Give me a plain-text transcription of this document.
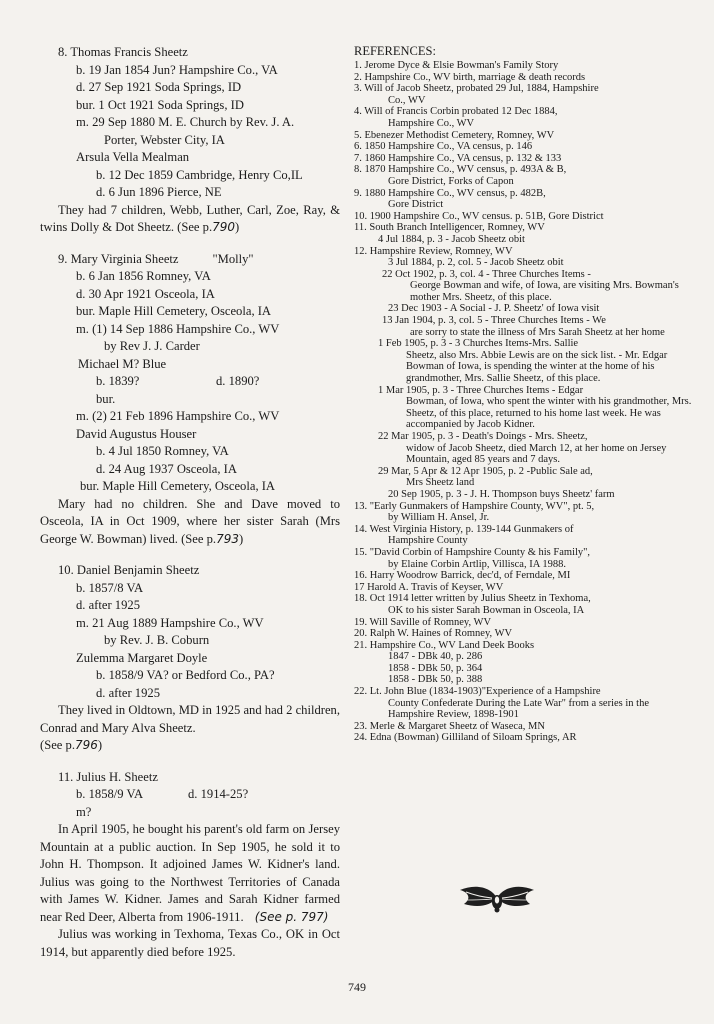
8. Thomas Francis Sheetz
b. 19 Jan 1854 Jun? Hampshire Co., VA
d. 27 Sep 1921 Soda Springs, ID
bur. 1 Oct 1921 Soda Springs, ID
m. 29 Sep 1880 M. E. Church by Rev. J. A.
Porter, Webster City, IA
Arsula Vella Mealman
b. 12 Dec 1859 Cambridge, Henry Co,IL
d. 6 Jun 1896 Pierce, NE
They had 7 children, Webb, Luther, Carl, Zoe, Ray, & twins Dolly & Dot Sheetz. (See p.790)
9. Mary Virginia Sheetz	"Molly"
b. 6 Jan 1856 Romney, VA
d. 30 Apr 1921 Osceola, IA
bur. Maple Hill Cemetery, Osceola, IA
m. (1) 14 Sep 1886 Hampshire Co., WV
by Rev J. J. Carder
Michael M? Blue
b. 1839?	d. 1890?
bur.
m. (2) 21 Feb 1896 Hampshire Co., WV
David Augustus Houser
b. 4 Jul 1850 Romney, VA
d. 24 Aug 1937 Osceola, IA
bur. Maple Hill Cemetery, Osceola, IA
Mary had no children. She and Dave moved to Osceola, IA in Oct 1909, where her sister Sarah (Mrs George W. Bowman) lived. (See p.793)
10. Daniel Benjamin Sheetz
b. 1857/8 VA
d. after 1925
m. 21 Aug 1889 Hampshire Co., WV
by Rev. J. B. Coburn
Zulemma Margaret Doyle
b. 1858/9 VA? or Bedford Co., PA?
d. after 1925
They lived in Oldtown, MD in 1925 and had 2 children, Conrad and Mary Alva Sheetz.
(See p.796)
11. Julius H. Sheetz
b. 1858/9 VA	d. 1914-25?
m?
In April 1905, he bought his parent's old farm on Jersey Mountain at a public auction. In Sep 1905, he sold it to John H. Thompson. It adjoined James W. Kidner's land. Julius was going to the Northwest Territories of Canada with James W. Kidner. James and Sarah Kidner farmed near Red Deer, Alberta from 1906-1911. (See p. 797)
Julius was working in Texhoma, Texas Co., OK in Oct 1914, but apparently died before 1925.
REFERENCES:
1. Jerome Dyce & Elsie Bowman's Family Story
2. Hampshire Co., WV birth, marriage & death records
3. Will of Jacob Sheetz, probated 29 Jul, 1884, Hampshire
Co., WV
4. Will of Francis Corbin probated 12 Dec 1884,
Hampshire Co., WV
5. Ebenezer Methodist Cemetery, Romney, WV
6. 1850 Hampshire Co., VA census, p. 146
7. 1860 Hampshire Co., VA census, p. 132 & 133
8. 1870 Hampshire Co., WV census, p. 493A & B,
Gore District, Forks of Capon
9. 1880 Hampshire Co., WV census, p. 482B,
Gore District
10. 1900 Hampshire Co., WV census. p. 51B, Gore District
11. South Branch Intelligencer, Romney, WV
4 Jul 1884, p. 3 - Jacob Sheetz obit
12. Hampshire Review, Romney, WV
3 Jul 1884, p. 2, col. 5 - Jacob Sheetz obit
22 Oct 1902, p. 3, col. 4 - Three Churches Items -
George Bowman and wife, of Iowa, are visiting Mrs. Bowman's mother Mrs. Sheetz, of this place.
23 Dec 1903 - A Social - J. P. Sheetz' of Iowa visit
13 Jan 1904, p. 3, col. 5 - Three Churches Items - We
are sorry to state the illness of Mrs Sarah Sheetz at her home
1 Feb 1905, p. 3 - 3 Churches Items-Mrs. Sallie
Sheetz, also Mrs. Abbie Lewis are on the sick list. - Mr. Edgar Bowman of Iowa, is spending the winter at the home of his grandmother, Mrs. Sallie Sheetz, of this place.
1 Mar 1905, p. 3 - Three Churches Items - Edgar
Bowman, of Iowa, who spent the winter with his grandmother, Mrs. Sheetz, of this place, returned to his home last week. He was accompanied by Jacob Kidner.
22 Mar 1905, p. 3 - Death's Doings - Mrs. Sheetz,
widow of Jacob Sheetz, died March 12, at her home on Jersey Mountain, aged 85 years and 7 days.
29 Mar, 5 Apr & 12 Apr 1905, p. 2 -Public Sale ad,
Mrs Sheetz land
20 Sep 1905, p. 3 - J. H. Thompson buys Sheetz' farm
13. "Early Gunmakers of Hampshire County, WV", pt. 5,
by William H. Ansel, Jr.
14. West Virginia History, p. 139-144 Gunmakers of
Hampshire County
15. "David Corbin of Hampshire County & his Family",
by Elaine Corbin Artlip, Villisca, IA 1988.
16. Harry Woodrow Barrick, dec'd, of Ferndale, MI
17 Harold A. Travis of Keyser, WV
18. Oct 1914 letter written by Julius Sheetz in Texhoma,
OK to his sister Sarah Bowman in Osceola, IA
19. Will Saville of Romney, WV
20. Ralph W. Haines of Romney, WV
21. Hampshire Co., WV Land Deek Books
1847 - DBk 40, p. 286
1858 - DBk 50, p. 364
1858 - DBk 50, p. 388
22. Lt. John Blue (1834-1903)"Experience of a Hampshire
County Confederate During the Late War" from a series in the Hampshire Review, 1898-1901
23. Merle & Margaret Sheetz of Waseca, MN
24. Edna (Bowman) Gilliland of Siloam Springs, AR
749
